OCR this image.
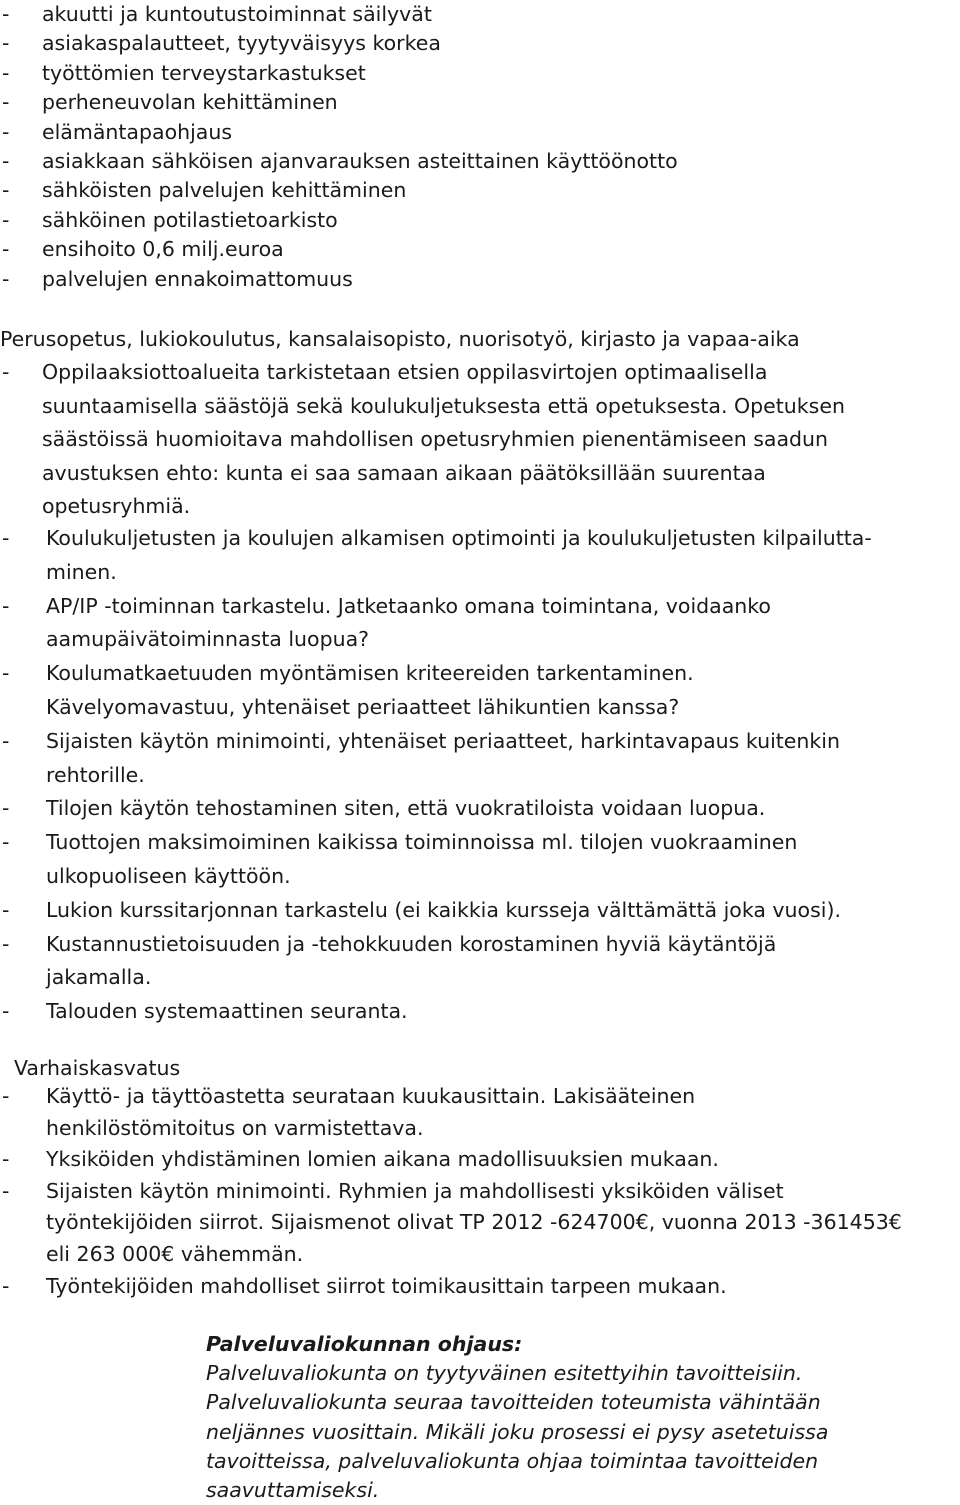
- akuutti ja kuntoutustoiminnat säilyvät
- asiakaspalautteet, tyytyväisyys korkea
- työttömien terveystarkastukset
- perheneuvolan kehittäminen
- elämäntapaohjaus
- asiakkaan sähköisen ajanvarauksen asteittainen käyttöönotto
- sähköisten palvelujen kehittäminen
- sähköinen potilastietoarkisto
- ensihoito 0,6 milj.euroa
- palvelujen ennakoimattomuus
Perusopetus, lukiokoulutus, kansalaisopisto, nuorisotyö, kirjasto ja vapaa-aika
- Oppilaaksiottoalueita tarkistetaan etsien oppilasvirtojen optimaalisella
suuntaamisella säästöjä sekä koulukuljetuksesta että opetuksesta. Opetuksen
säästöissä huomioitava mahdollisen opetusryhmien pienentämiseen saadun
avustuksen ehto: kunta ei saa samaan aikaan päätöksillään suurentaa
opetusryhmiä.
- Koulukuljetusten ja koulujen alkamisen optimointi ja koulukuljetusten kilpailutta-
minen.
- AP/IP -toiminnan tarkastelu. Jatketaanko omana toimintana, voidaanko
aamupäivätoiminnasta luopua?
- Koulumatkaetuuden myöntämisen kriteereiden tarkentaminen.
Kävelyomavastuu, yhtenäiset periaatteet lähikuntien kanssa?
- Sijaisten käytön minimointi, yhtenäiset periaatteet, harkintavapaus kuitenkin
rehtorille.
- Tilojen käytön tehostaminen siten, että vuokratiloista voidaan luopua.
- Tuottojen maksimoiminen kaikissa toiminnoissa ml. tilojen vuokraaminen
ulkopuoliseen käyttöön.
- Lukion kurssitarjonnan tarkastelu (ei kaikkia kursseja välttämättä joka vuosi).
- Kustannustietoisuuden ja -tehokkuuden korostaminen hyviä käytäntöjä
jakamalla.
- Talouden systemaattinen seuranta.
Varhaiskasvatus
- Käyttö- ja täyttöastetta seurataan kuukausittain. Lakisääteinen
henkilöstömitoitus on varmistettava.
- Yksiköiden yhdistäminen lomien aikana madollisuuksien mukaan.
- Sijaisten käytön minimointi. Ryhmien ja mahdollisesti yksiköiden väliset
työntekijöiden siirrot. Sijaismenot olivat TP 2012 -624700€, vuonna 2013 -361453€
eli 263 000€ vähemmän.
- Työntekijöiden mahdolliset siirrot toimikausittain tarpeen mukaan.
Palveluvaliokunnan ohjaus:
Palveluvaliokunta on tyytyväinen esitettyihin tavoitteisiin.
Palveluvaliokunta seuraa tavoitteiden toteumista vähintään
neljännes vuosittain. Mikäli joku prosessi ei pysy asetetuissa
tavoitteissa, palveluvaliokunta ohjaa toimintaa tavoitteiden
saavuttamiseksi.
